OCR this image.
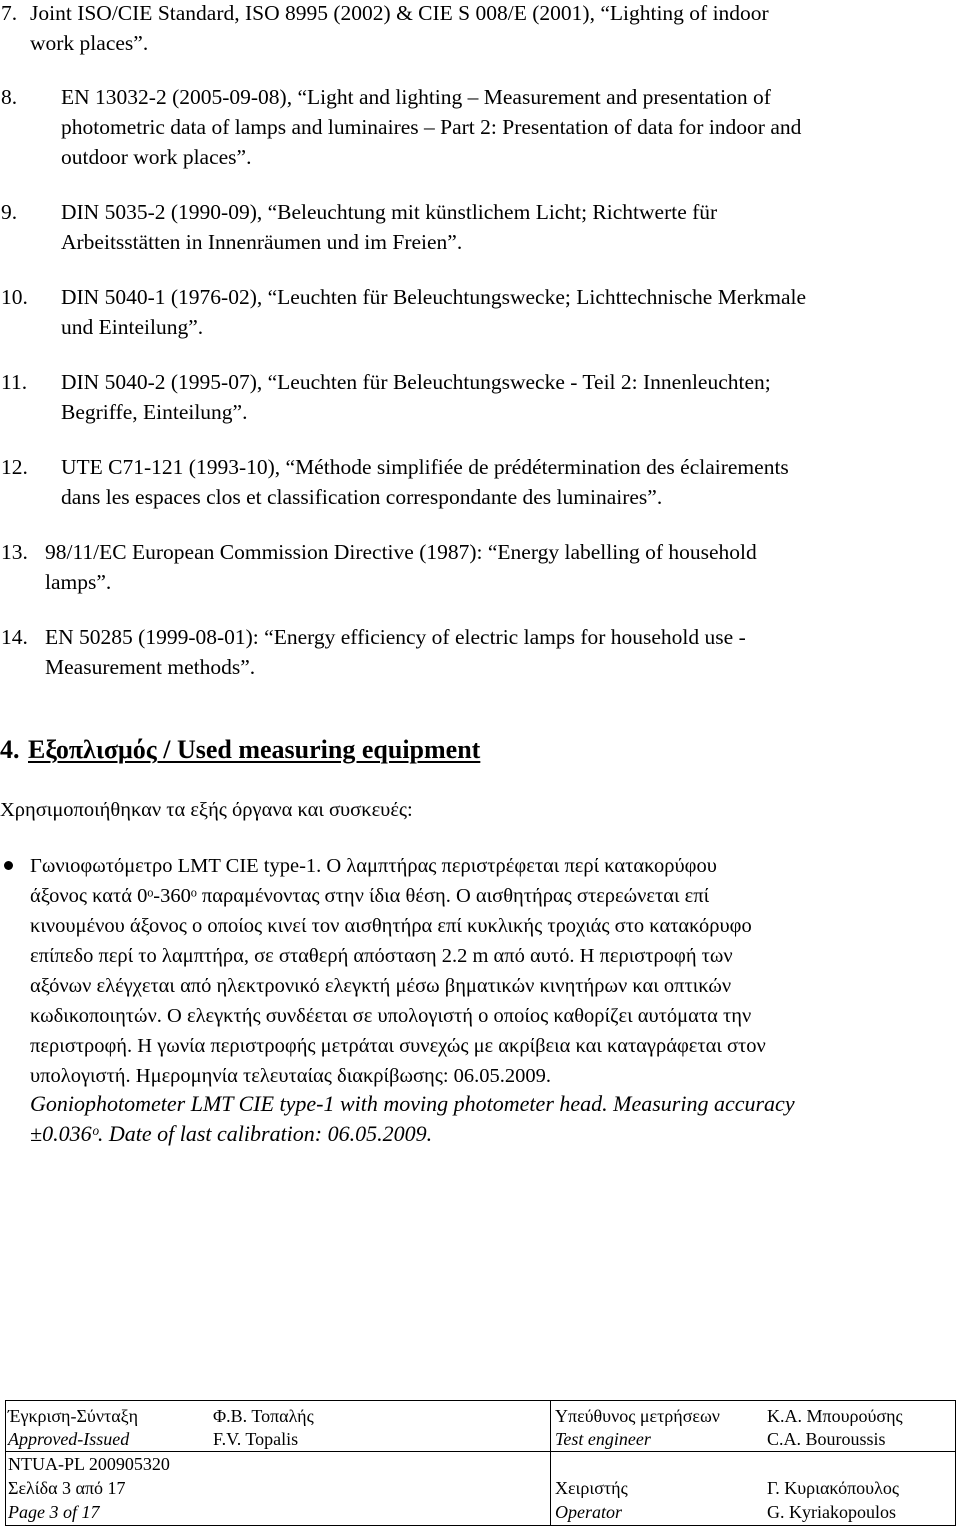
7. Joint ISO/CIE Standard, ISO 8995 (2002) & CIE S 008/E (2001), “Lighting of indoor
work places”.
8. EN 13032-2 (2005-09-08), “Light and lighting – Measurement and presentation of
photometric data of lamps and luminaires – Part 2: Presentation of data for indoor and
outdoor work places”.
9. DIN 5035-2 (1990-09), “Beleuchtung mit künstlichem Licht; Richtwerte für
Arbeitsstätten in Innenräumen und im Freien”.
10. DIN 5040-1 (1976-02), “Leuchten für Beleuchtungswecke; Lichttechnische Merkmale
und Einteilung”.
11. DIN 5040-2 (1995-07), “Leuchten für Beleuchtungswecke - Teil 2: Innenleuchten;
Begriffe, Einteilung”.
12. UTE C71-121 (1993-10), “Méthode simplifiée de prédétermination des éclairements
dans les espaces clos et classification correspondante des luminaires”.
13. 98/11/EC European Commission Directive (1987): “Energy labelling of household
lamps”.
14. EN 50285 (1999-08-01): “Energy efficiency of electric lamps for household use -
Measurement methods”.
4. Εξοπλισμός / Used measuring equipment
Χρησιμοποιήθηκαν τα εξής όργανα και συσκευές:
Γωνιοφωτόμετρο LMT CIE type-1. Ο λαμπτήρας περιστρέφεται περί κατακορύφου
άξονος κατά 0ᵒ-360ᵒ παραμένοντας στην ίδια θέση. Ο αισθητήρας στερεώνεται επί
κινουμένου άξονος ο οποίος κινεί τον αισθητήρα επί κυκλικής τροχιάς στο κατακόρυφο
επίπεδο περί το λαμπτήρα, σε σταθερή απόσταση 2.2 m από αυτό. Η περιστροφή των
αξόνων ελέγχεται από ηλεκτρονικό ελεγκτή μέσω βηματικών κινητήρων και οπτικών
κωδικοποιητών. Ο ελεγκτής συνδέεται σε υπολογιστή ο οποίος καθορίζει αυτόματα την
περιστροφή. Η γωνία περιστροφής μετράται συνεχώς με ακρίβεια και καταγράφεται στον
υπολογιστή. Ημερομηνία τελευταίας διακρίβωσης: 06.05.2009.
Goniophotometer LMT CIE type-1 with moving photometer head. Measuring accuracy
±0.036ᵒ. Date of last calibration: 06.05.2009.
Έγκριση-Σύνταξη
Approved-Issued
Φ.Β. Τοπαλής
F.V. Topalis
Υπεύθυνος μετρήσεων
Test engineer
Κ.Α. Μπουρούσης
C.A. Bouroussis
NTUA-PL 200905320
Σελίδα 3 από 17
Page 3 of 17
Χειριστής
Operator
Γ. Κυριακόπουλος
G. Kyriakopoulos
